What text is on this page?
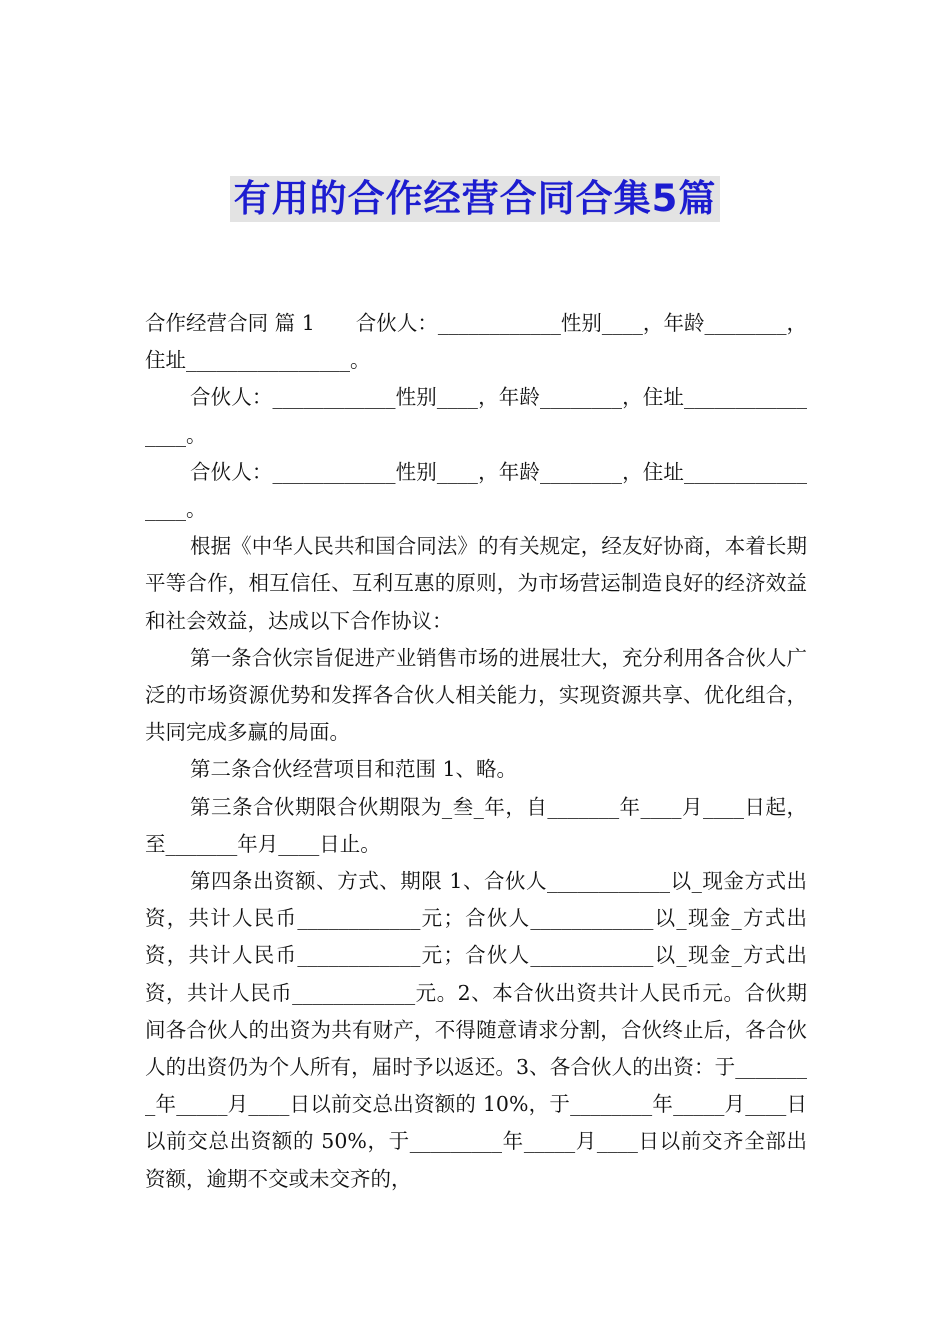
有用的合作经营合同合集5篇

合作经营合同 篇 1　　合伙人：____________性别____，年龄________，住址________________。

合伙人：____________性别____，年龄________，住址________________。

合伙人：____________性别____，年龄________，住址________________。

根据《中华人民共和国合同法》的有关规定，经友好协商，本着长期平等合作，相互信任、互利互惠的原则，为市场营运制造良好的经济效益和社会效益，达成以下合作协议：

第一条合伙宗旨促进产业销售市场的进展壮大，充分利用各合伙人广泛的市场资源优势和发挥各合伙人相关能力，实现资源共享、优化组合，共同完成多赢的局面。

第二条合伙经营项目和范围 1、略。

第三条合伙期限合伙期限为_叁_年，自_______年____月____日起，至_______年月____日止。

第四条出资额、方式、期限 1、合伙人____________以_现金方式出资，共计人民币____________元；合伙人____________以_现金_方式出资，共计人民币____________元；合伙人____________以_现金_方式出资，共计人民币____________元。2、本合伙出资共计人民币元。合伙期间各合伙人的出资为共有财产，不得随意请求分割，合伙终止后，各合伙人的出资仍为个人所有，届时予以返还。3、各合伙人的出资：于________年_____月____日以前交总出资额的 10%，于________年_____月____日以前交总出资额的 50%，于_________年_____月____日以前交齐全部出资额，逾期不交或未交齐的，
